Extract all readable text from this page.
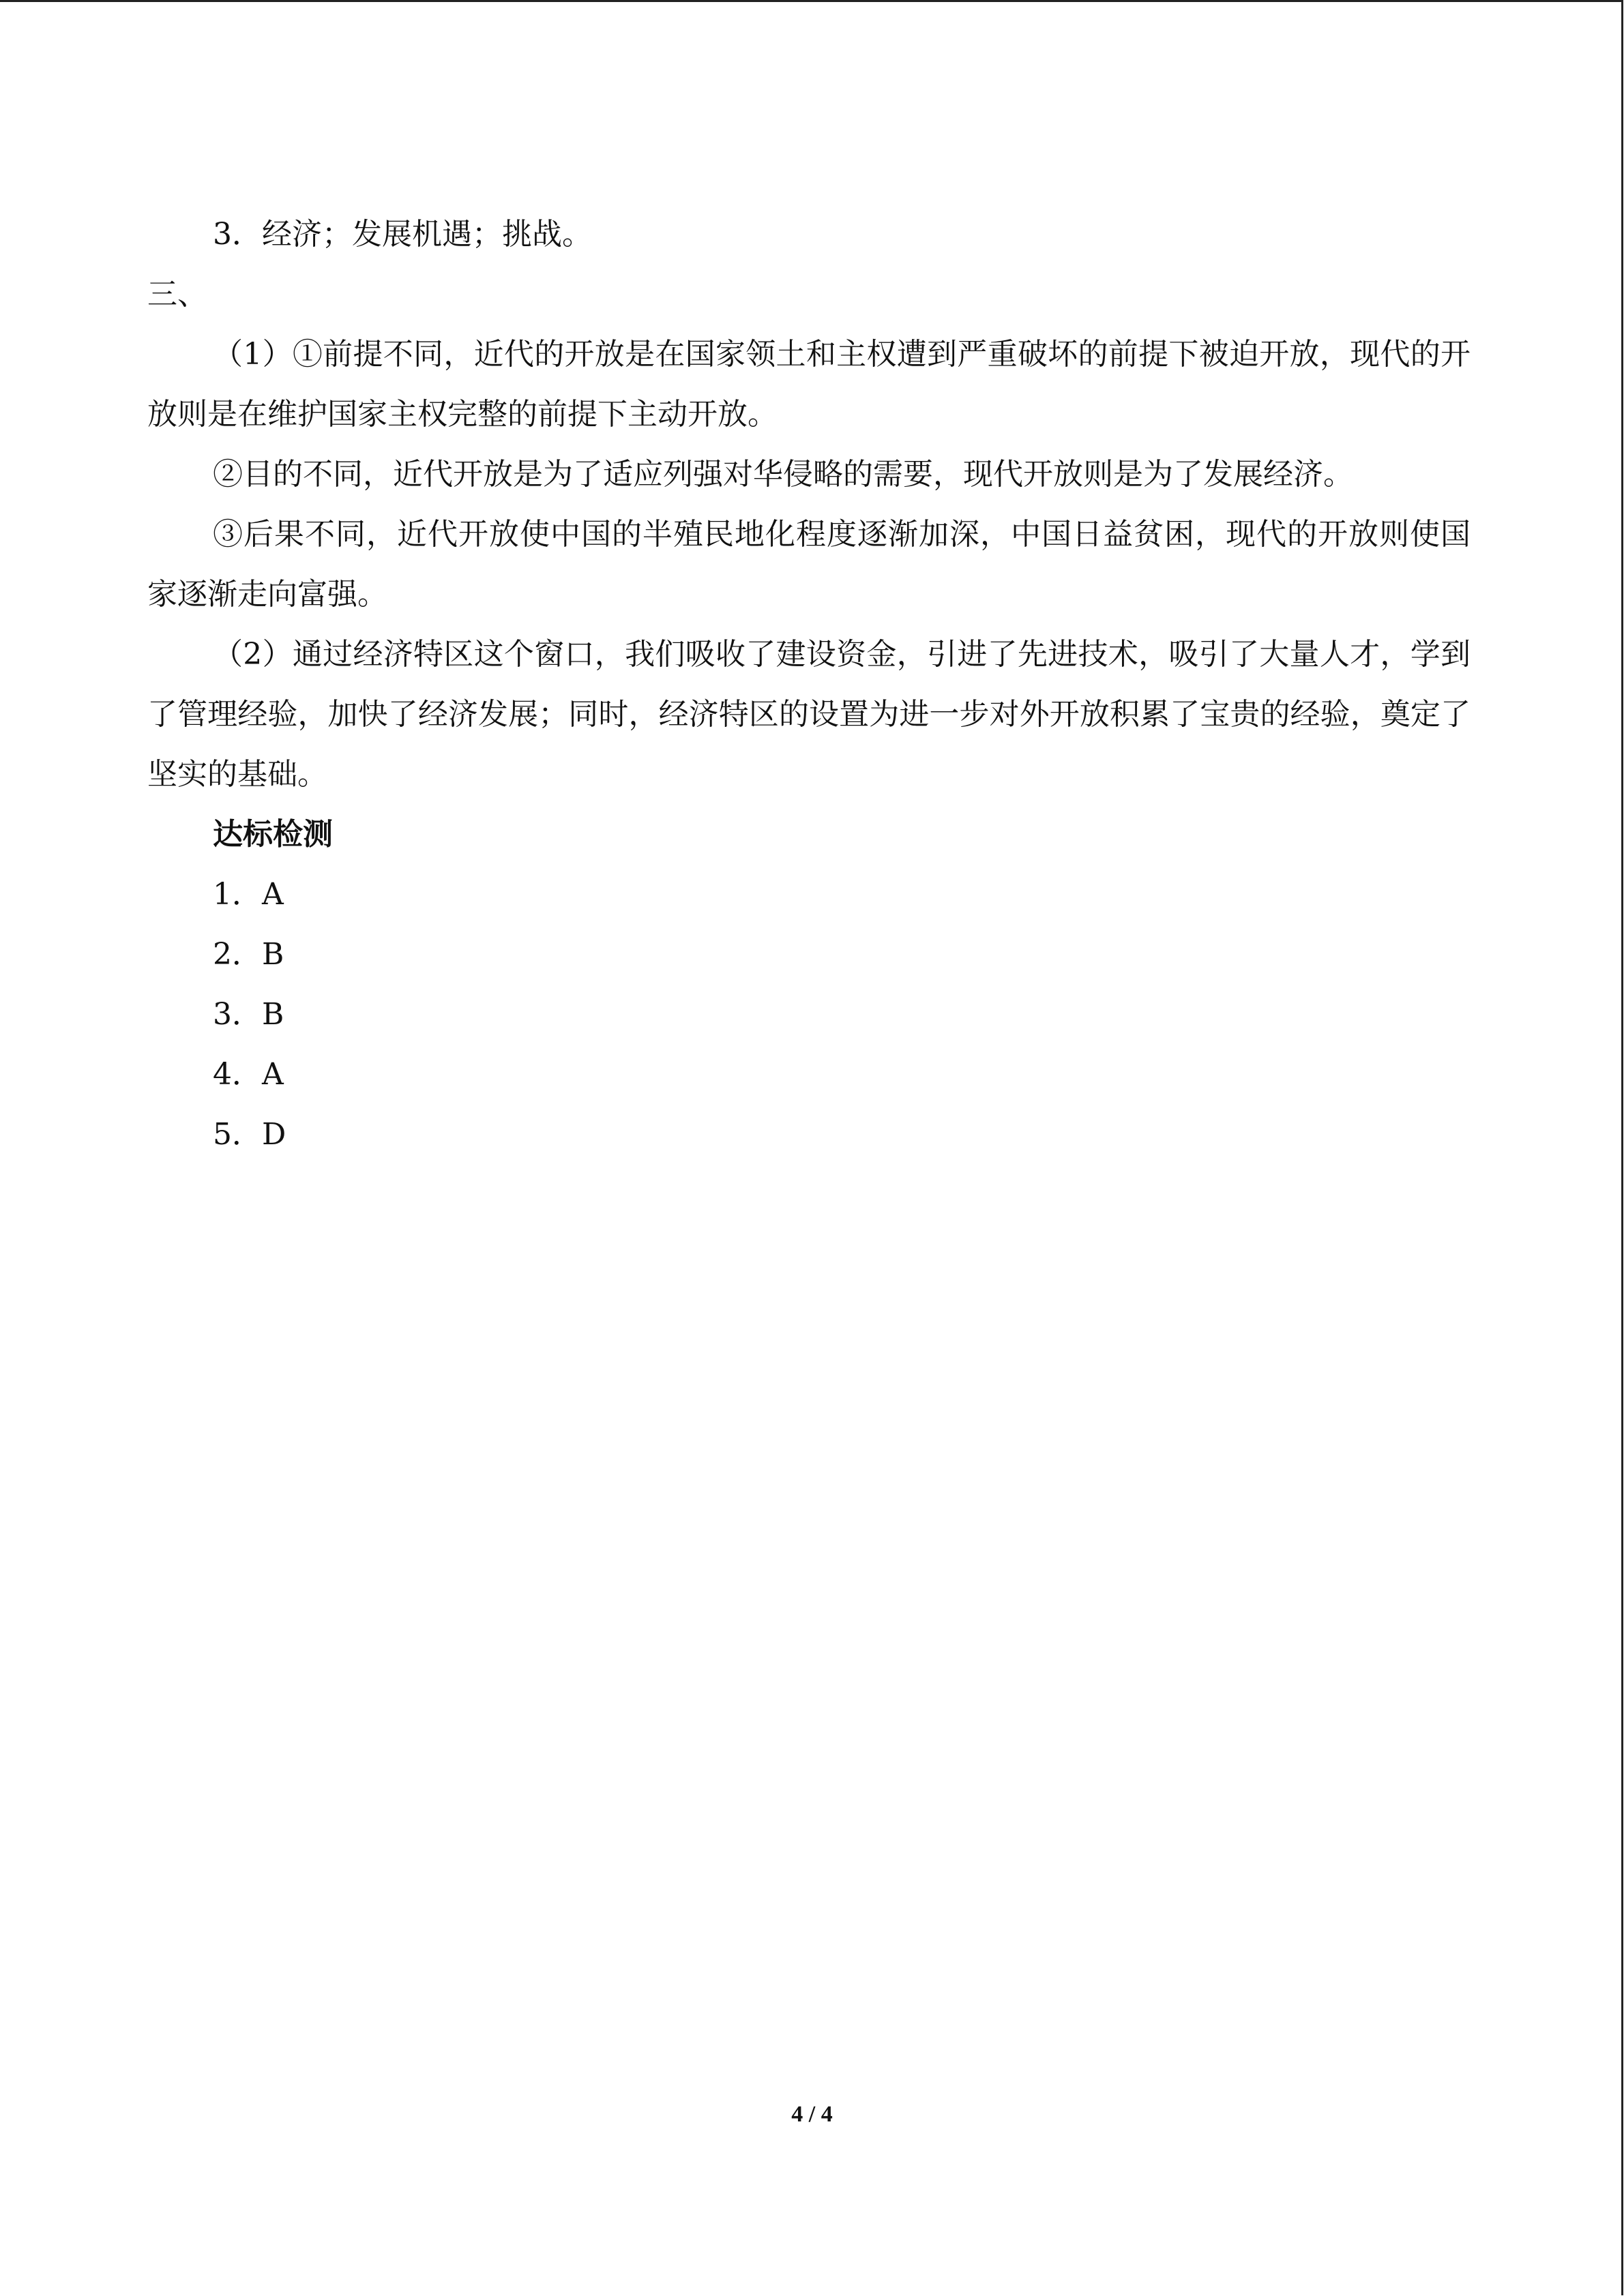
3．经济；发展机遇；挑战。
三、
（1）①前提不同，近代的开放是在国家领土和主权遭到严重破坏的前提下被迫开放，现代的开放则是在维护国家主权完整的前提下主动开放。
②目的不同，近代开放是为了适应列强对华侵略的需要，现代开放则是为了发展经济。
③后果不同，近代开放使中国的半殖民地化程度逐渐加深，中国日益贫困，现代的开放则使国家逐渐走向富强。
（2）通过经济特区这个窗口，我们吸收了建设资金，引进了先进技术，吸引了大量人才，学到了管理经验，加快了经济发展；同时，经济特区的设置为进一步对外开放积累了宝贵的经验，奠定了坚实的基础。
达标检测
1．A
2．B
3．B
4．A
5．D
4 / 4
